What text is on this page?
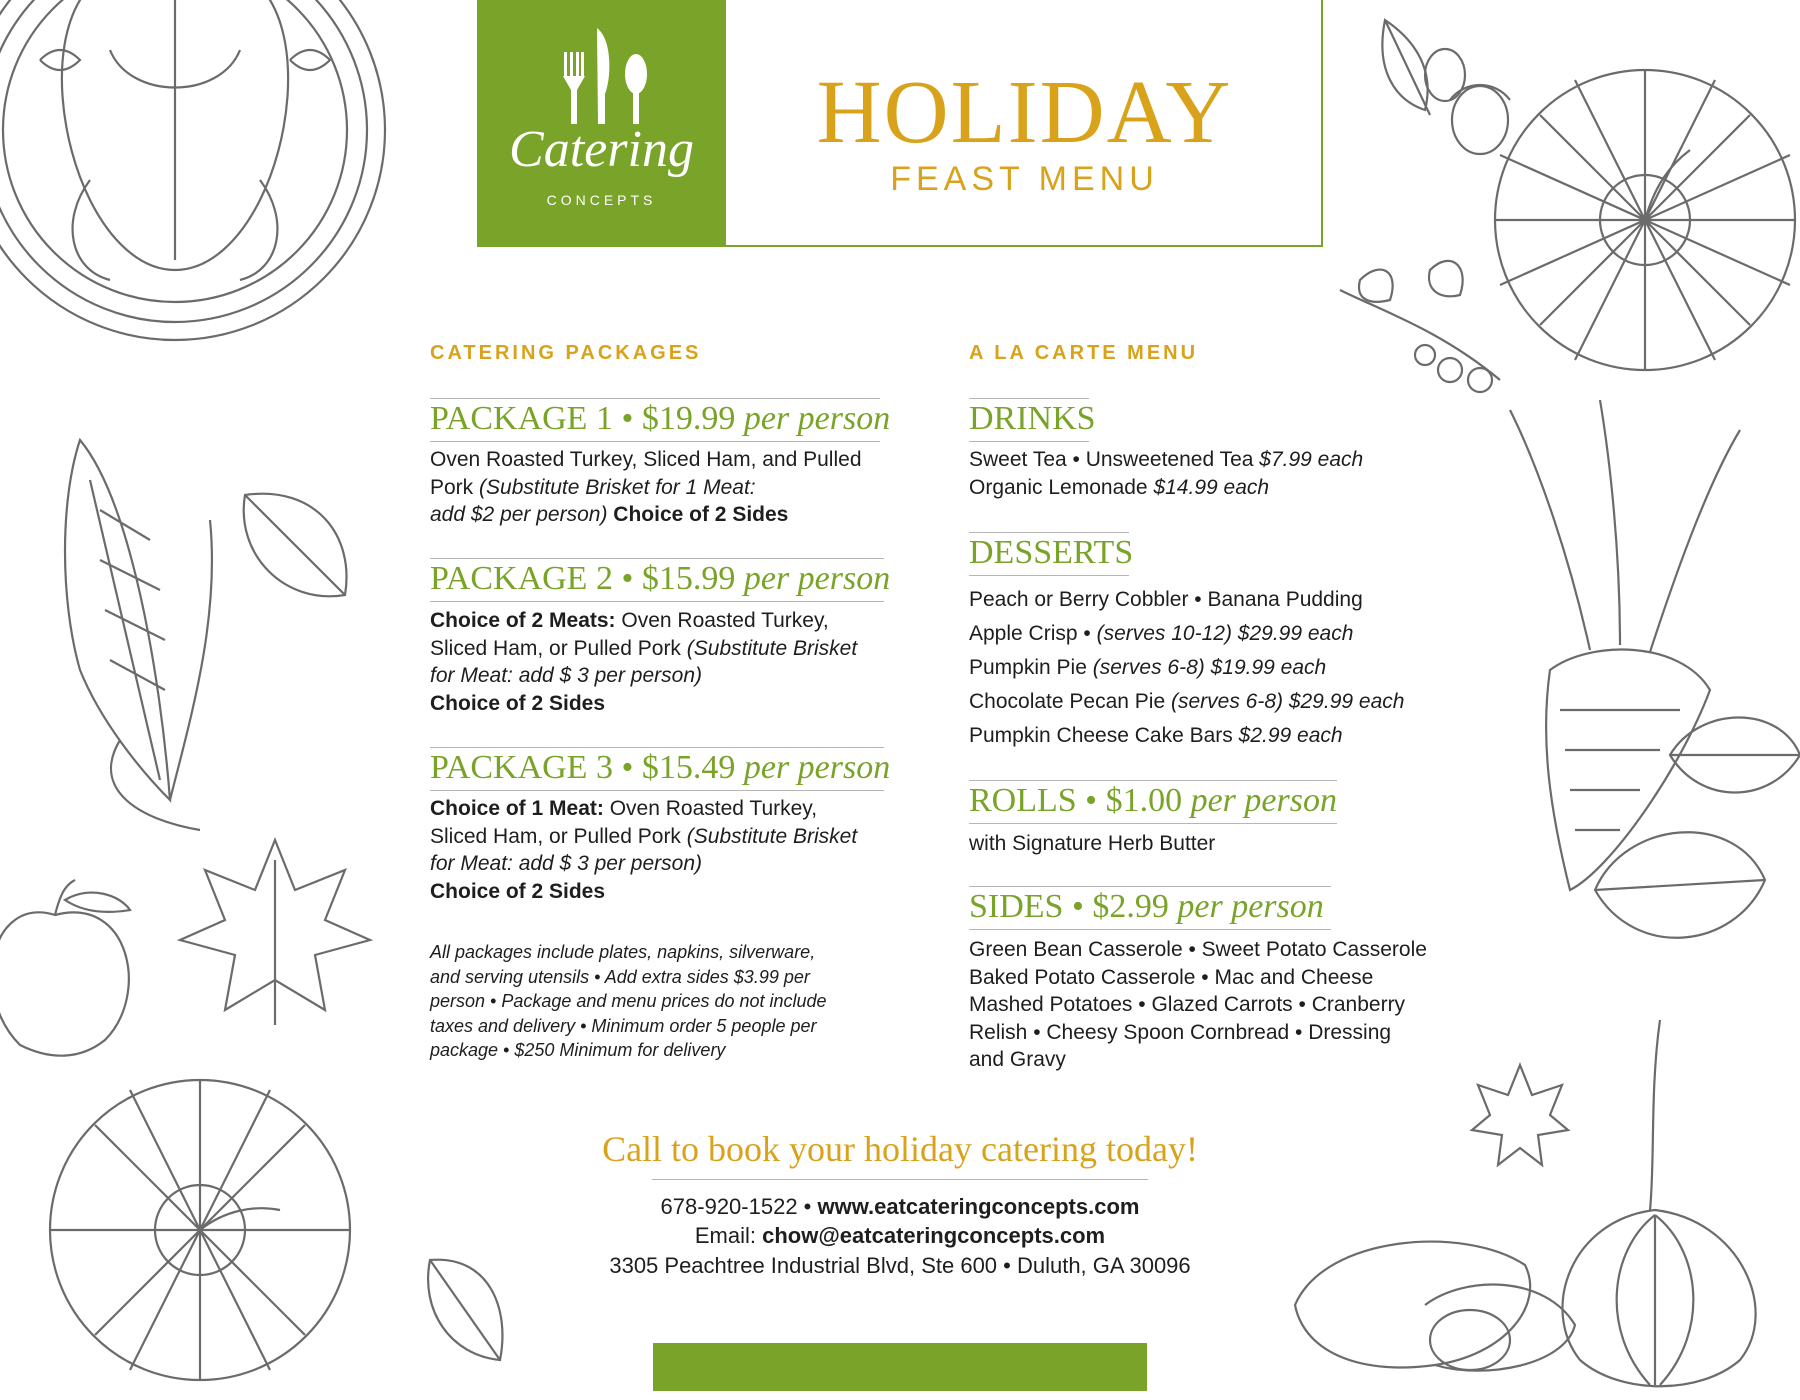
Catering
CONCEPTS
HOLIDAY
FEAST MENU
CATERING PACKAGES
PACKAGE 1 • $19.99 per person
Oven Roasted Turkey, Sliced Ham, and Pulled
Pork (Substitute Brisket for 1 Meat:
add $2 per person) Choice of 2 Sides
PACKAGE 2 • $15.99 per person
Choice of 2 Meats: Oven Roasted Turkey,
Sliced Ham, or Pulled Pork (Substitute Brisket
for Meat: add $ 3 per person)
Choice of 2 Sides
PACKAGE 3 • $15.49 per person
Choice of 1 Meat: Oven Roasted Turkey,
Sliced Ham, or Pulled Pork (Substitute Brisket
for Meat: add $ 3 per person)
Choice of 2 Sides
All packages include plates, napkins, silverware,
and serving utensils • Add extra sides $3.99 per
person • Package and menu prices do not include
taxes and delivery • Minimum order 5 people per
package • $250 Minimum for delivery
A LA CARTE MENU
DRINKS
Sweet Tea • Unsweetened Tea $7.99 each
Organic Lemonade $14.99 each
DESSERTS
Peach or Berry Cobbler • Banana Pudding
Apple Crisp • (serves 10-12) $29.99 each
Pumpkin Pie (serves 6-8) $19.99 each
Chocolate Pecan Pie (serves 6-8) $29.99 each
Pumpkin Cheese Cake Bars $2.99 each
ROLLS • $1.00 per person
with Signature Herb Butter
SIDES • $2.99 per person
Green Bean Casserole • Sweet Potato Casserole
Baked Potato Casserole • Mac and Cheese
Mashed Potatoes • Glazed Carrots • Cranberry
Relish • Cheesy Spoon Cornbread • Dressing
and Gravy
Call to book your holiday catering today!
678-920-1522 • www.eatcateringconcepts.com
Email: chow@eatcateringconcepts.com
3305 Peachtree Industrial Blvd, Ste 600 • Duluth, GA 30096
